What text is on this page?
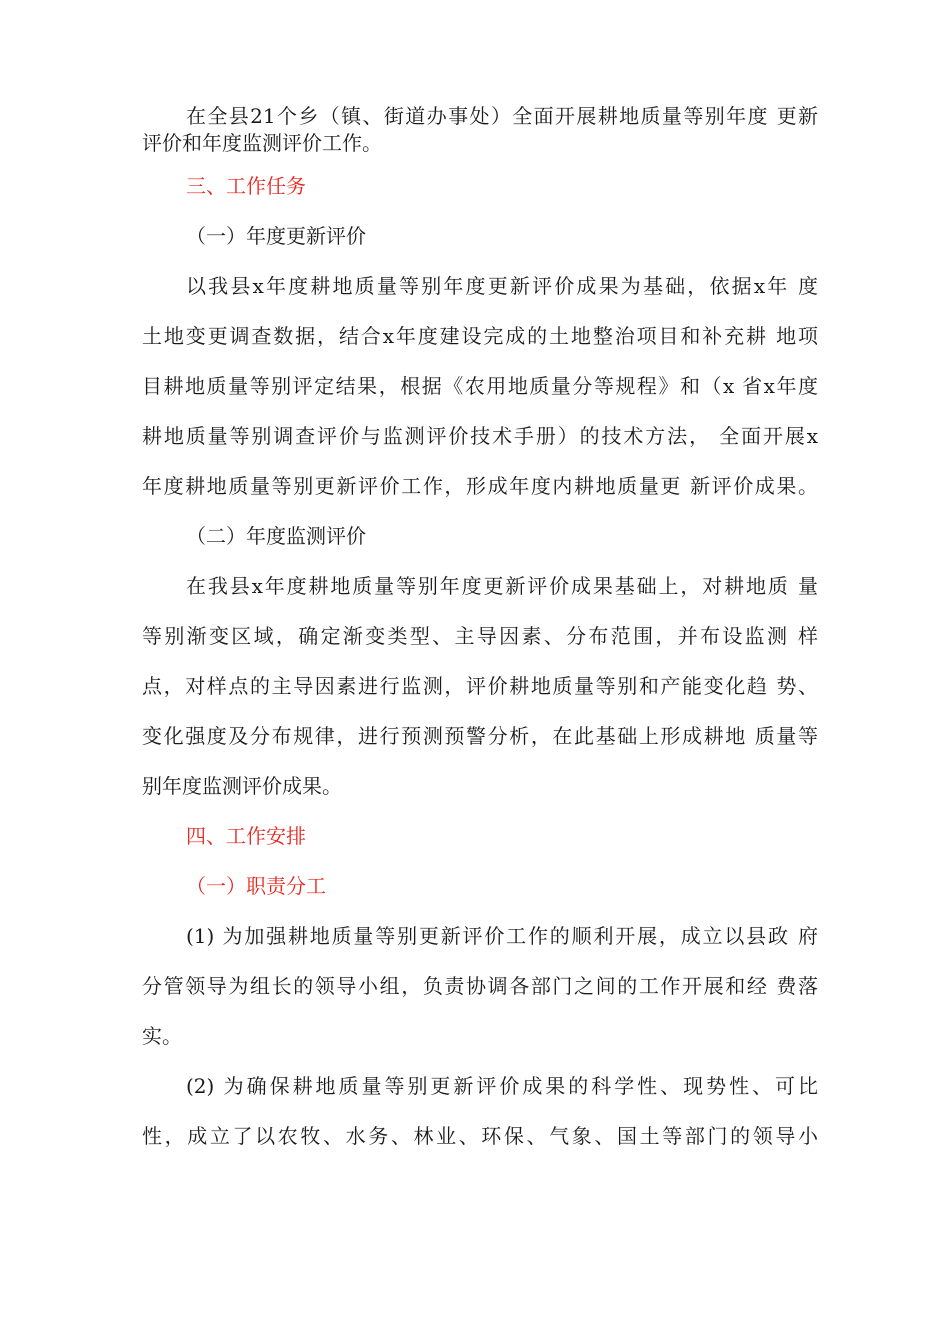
在全县21个乡（镇、街道办事处）全面开展耕地质量等别年度 更新
评价和年度监测评价工作。
三、工作任务
（一）年度更新评价
以我县x年度耕地质量等别年度更新评价成果为基础，依据x年 度
土地变更调查数据，结合x年度建设完成的土地整治项目和补充耕 地项
目耕地质量等别评定结果，根据《农用地质量分等规程》和（x 省x年度
耕地质量等别调查评价与监测评价技术手册）的技术方法， 全面开展x
年度耕地质量等别更新评价工作，形成年度内耕地质量更 新评价成果。
（二）年度监测评价
在我县x年度耕地质量等别年度更新评价成果基础上，对耕地质 量
等别渐变区域，确定渐变类型、主导因素、分布范围，并布设监测 样
点，对样点的主导因素进行监测，评价耕地质量等别和产能变化趋 势、
变化强度及分布规律，进行预测预警分析，在此基础上形成耕地 质量等
别年度监测评价成果。
四、工作安排
（一）职责分工
(1) 为加强耕地质量等别更新评价工作的顺利开展，成立以县政 府
分管领导为组长的领导小组，负责协调各部门之间的工作开展和经 费落
实。
(2) 为确保耕地质量等别更新评价成果的科学性、现势性、可比
性，成立了以农牧、水务、林业、环保、气象、国土等部门的领导小
